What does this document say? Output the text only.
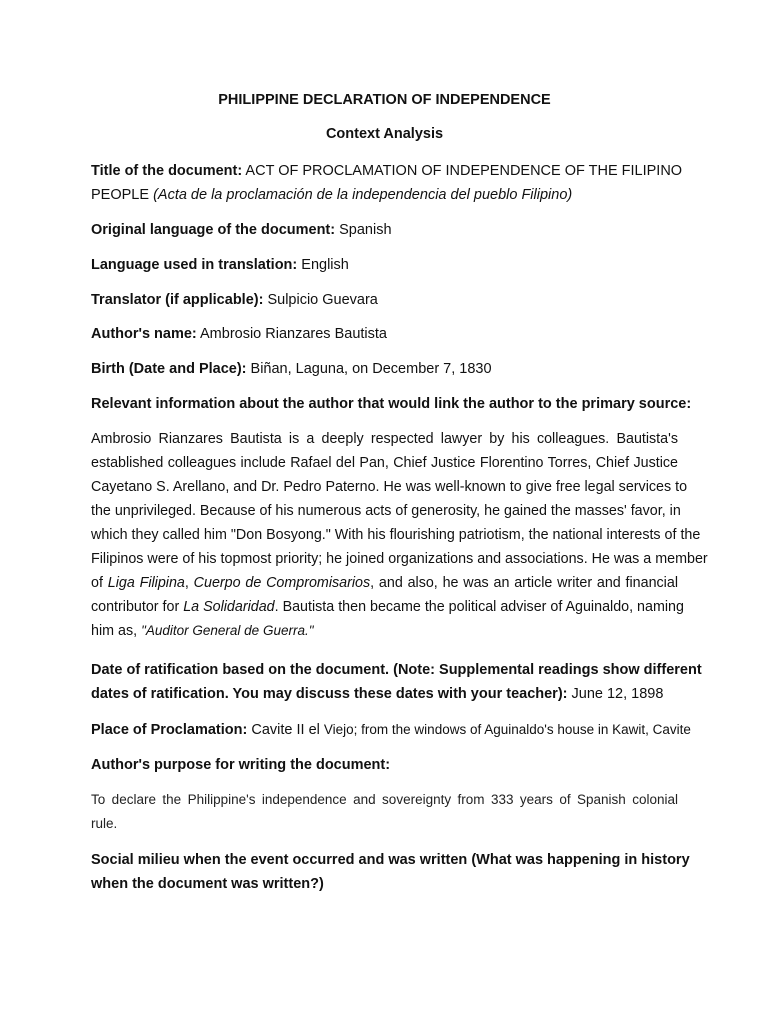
PHILIPPINE DECLARATION OF INDEPENDENCE
Context Analysis
Title of the document: ACT OF PROCLAMATION OF INDEPENDENCE OF THE FILIPINO
PEOPLE (Acta de la proclamación de la independencia del pueblo Filipino)
Original language of the document: Spanish
Language used in translation: English
Translator (if applicable): Sulpicio Guevara
Author's name: Ambrosio Rianzares Bautista
Birth (Date and Place): Biñan, Laguna, on December 7, 1830
Relevant information about the author that would link the author to the primary source:
Ambrosio Rianzares Bautista is a deeply respected lawyer by his colleagues. Bautista's
established colleagues include Rafael del Pan, Chief Justice Florentino Torres, Chief Justice
Cayetano S. Arellano, and Dr. Pedro Paterno. He was well-known to give free legal services to
the unprivileged. Because of his numerous acts of generosity, he gained the masses' favor, in
which they called him "Don Bosyong." With his flourishing patriotism, the national interests of the
Filipinos were of his topmost priority; he joined organizations and associations. He was a member
of Liga Filipina, Cuerpo de Compromisarios, and also, he was an article writer and financial
contributor for La Solidaridad. Bautista then became the political adviser of Aguinaldo, naming
him as, "Auditor General de Guerra."
Date of ratification based on the document. (Note: Supplemental readings show different
dates of ratification. You may discuss these dates with your teacher): June 12, 1898
Place of Proclamation: Cavite II el Viejo; from the windows of Aguinaldo's house in Kawit, Cavite
Author's purpose for writing the document:
To declare the Philippine's independence and sovereignty from 333 years of Spanish colonial
rule.
Social milieu when the event occurred and was written (What was happening in history
when the document was written?)
